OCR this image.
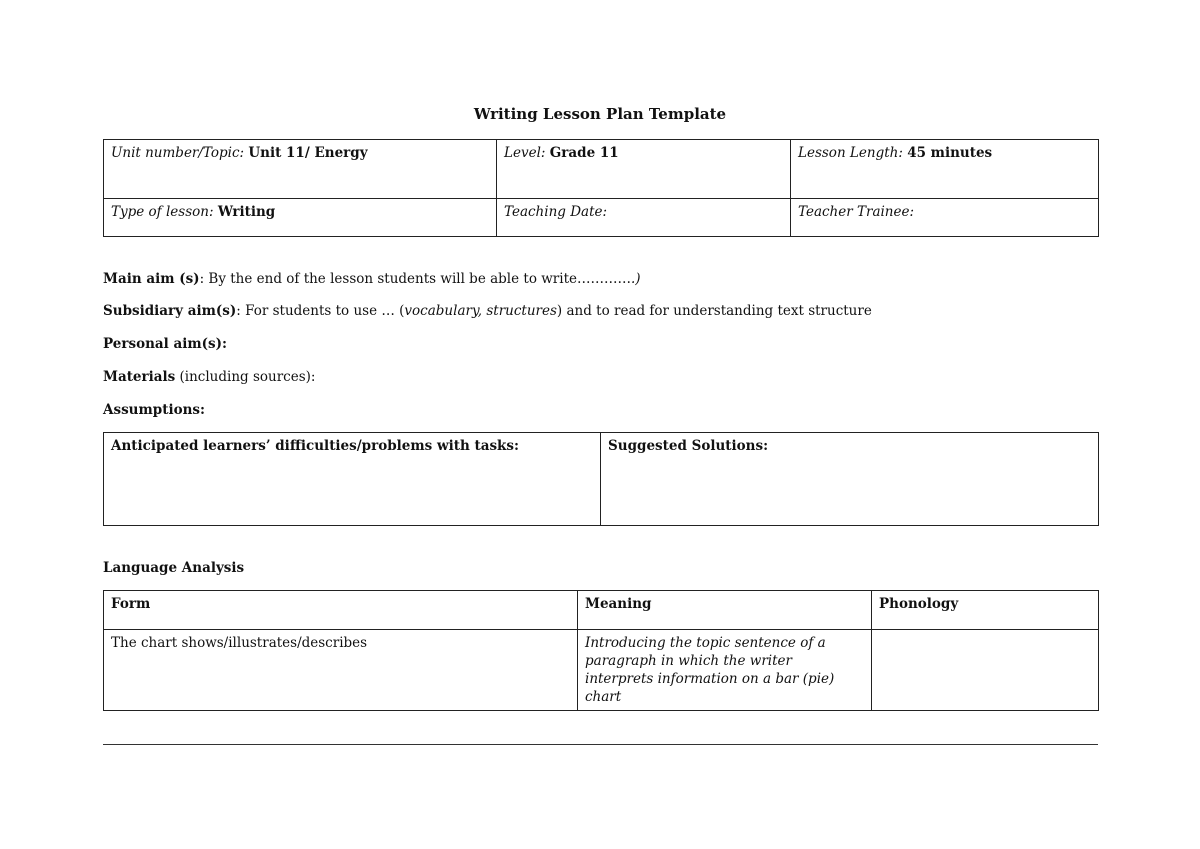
Writing Lesson Plan Template
Unit number/Topic: Unit 11/ Energy	Level: Grade 11	Lesson Length: 45 minutes
Type of lesson: Writing	Teaching Date:	Teacher Trainee:
Main aim (s): By the end of the lesson students will be able to write………….)
Subsidiary aim(s): For students to use … (vocabulary, structures) and to read for understanding text structure
Personal aim(s):
Materials (including sources):
Assumptions:
Anticipated learners’ difficulties/problems with tasks:	Suggested Solutions:
Language Analysis
Form	Meaning	Phonology
The chart shows/illustrates/describes	Introducing the topic sentence of a paragraph in which the writer interprets information on a bar (pie) chart	
